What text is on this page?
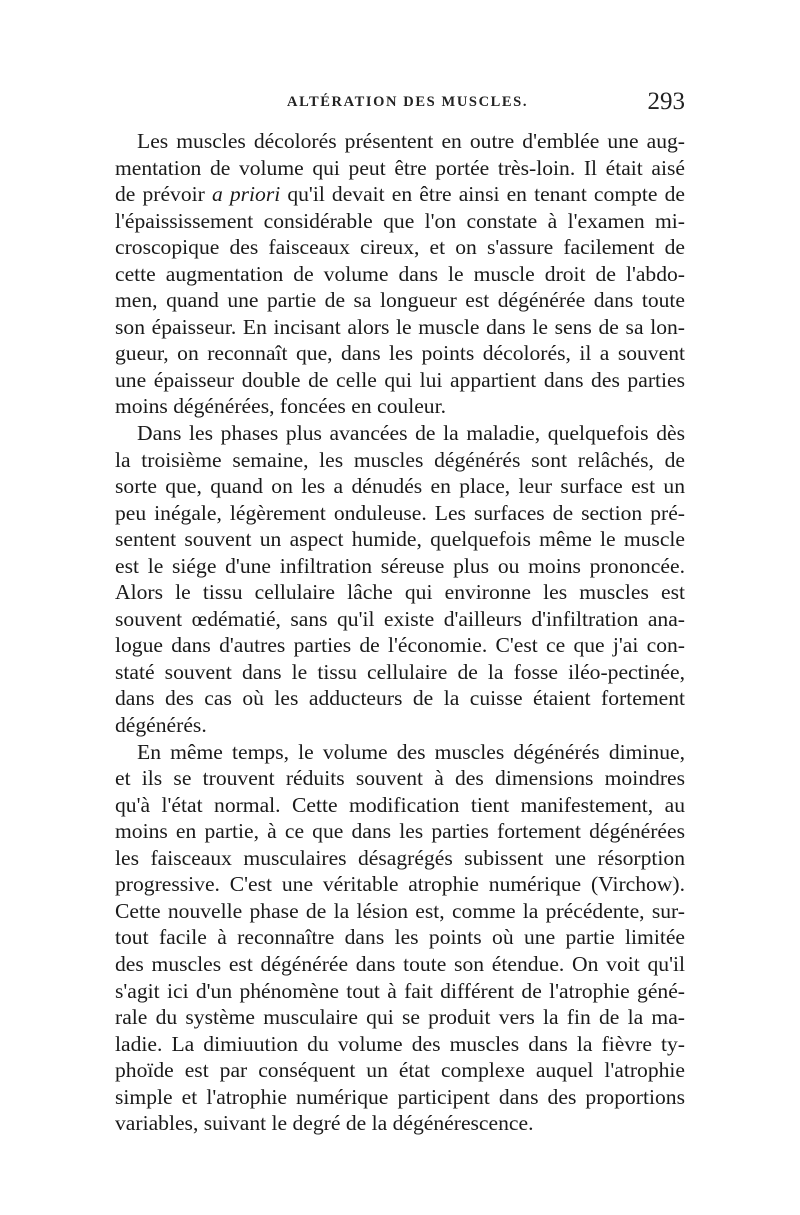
ALTÉRATION DES MUSCLES.	293

Les muscles décolorés présentent en outre d'emblée une aug-
mentation de volume qui peut être portée très-loin. Il était aisé
de prévoir a priori qu'il devait en être ainsi en tenant compte de
l'épaississement considérable que l'on constate à l'examen mi-
croscopique des faisceaux cireux, et on s'assure facilement de
cette augmentation de volume dans le muscle droit de l'abdo-
men, quand une partie de sa longueur est dégénérée dans toute
son épaisseur. En incisant alors le muscle dans le sens de sa lon-
gueur, on reconnaît que, dans les points décolorés, il a souvent
une épaisseur double de celle qui lui appartient dans des parties
moins dégénérées, foncées en couleur.

Dans les phases plus avancées de la maladie, quelquefois dès
la troisième semaine, les muscles dégénérés sont relâchés, de
sorte que, quand on les a dénudés en place, leur surface est un
peu inégale, légèrement onduleuse. Les surfaces de section pré-
sentent souvent un aspect humide, quelquefois même le muscle
est le siége d'une infiltration séreuse plus ou moins prononcée.
Alors le tissu cellulaire lâche qui environne les muscles est
souvent œdématié, sans qu'il existe d'ailleurs d'infiltration ana-
logue dans d'autres parties de l'économie. C'est ce que j'ai con-
staté souvent dans le tissu cellulaire de la fosse iléo-pectinée,
dans des cas où les adducteurs de la cuisse étaient fortement
dégénérés.

En même temps, le volume des muscles dégénérés diminue,
et ils se trouvent réduits souvent à des dimensions moindres
qu'à l'état normal. Cette modification tient manifestement, au
moins en partie, à ce que dans les parties fortement dégénérées
les faisceaux musculaires désagrégés subissent une résorption
progressive. C'est une véritable atrophie numérique (Virchow).
Cette nouvelle phase de la lésion est, comme la précédente, sur-
tout facile à reconnaître dans les points où une partie limitée
des muscles est dégénérée dans toute son étendue. On voit qu'il
s'agit ici d'un phénomène tout à fait différent de l'atrophie géné-
rale du système musculaire qui se produit vers la fin de la ma-
ladie. La dimiuution du volume des muscles dans la fièvre ty-
phoïde est par conséquent un état complexe auquel l'atrophie
simple et l'atrophie numérique participent dans des proportions
variables, suivant le degré de la dégénérescence.
